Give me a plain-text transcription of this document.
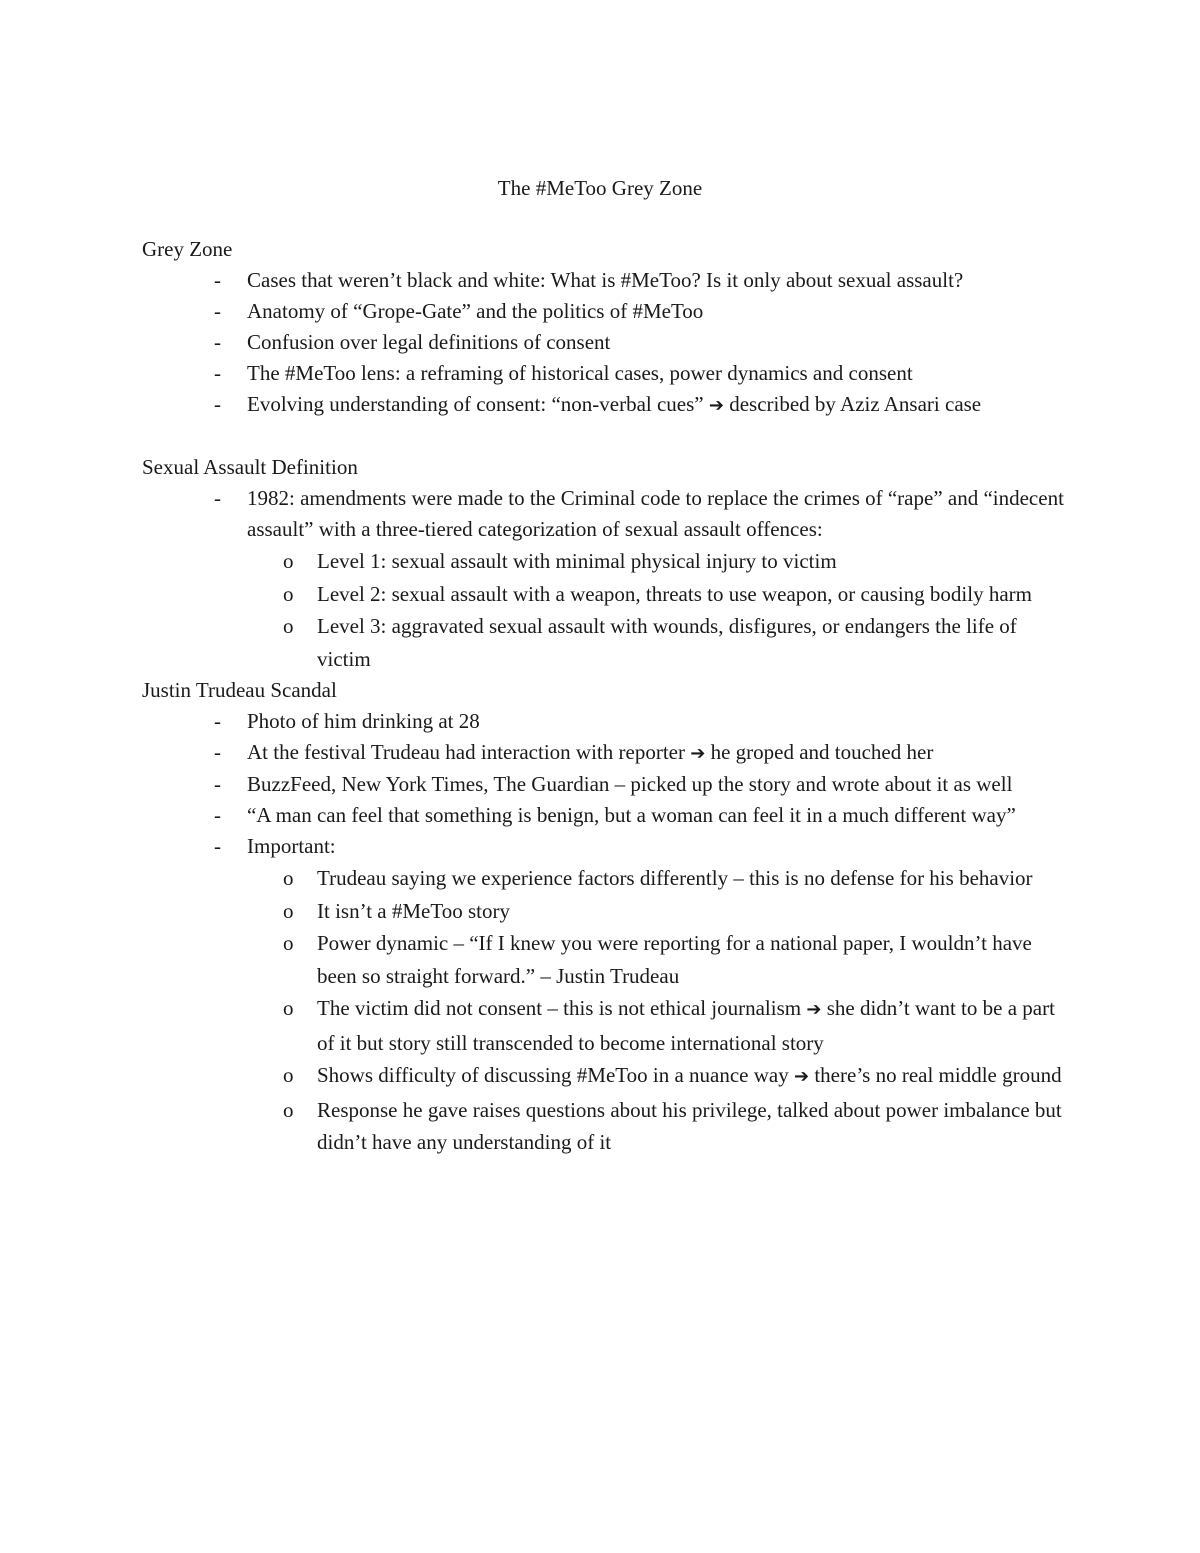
The #MeToo Grey Zone
Grey Zone
- Cases that weren’t black and white: What is #MeToo? Is it only about sexual assault?
- Anatomy of “Grope-Gate” and the politics of #MeToo
- Confusion over legal definitions of consent
- The #MeToo lens: a reframing of historical cases, power dynamics and consent
- Evolving understanding of consent: “non-verbal cues” ➔ described by Aziz Ansari case
Sexual Assault Definition
- 1982: amendments were made to the Criminal code to replace the crimes of “rape” and “indecent assault” with a three-tiered categorization of sexual assault offences:
o Level 1: sexual assault with minimal physical injury to victim
o Level 2: sexual assault with a weapon, threats to use weapon, or causing bodily harm
o Level 3: aggravated sexual assault with wounds, disfigures, or endangers the life of victim
Justin Trudeau Scandal
- Photo of him drinking at 28
- At the festival Trudeau had interaction with reporter ➔ he groped and touched her
- BuzzFeed, New York Times, The Guardian – picked up the story and wrote about it as well
- “A man can feel that something is benign, but a woman can feel it in a much different way”
- Important:
o Trudeau saying we experience factors differently – this is no defense for his behavior
o It isn’t a #MeToo story
o Power dynamic – “If I knew you were reporting for a national paper, I wouldn’t have been so straight forward.” – Justin Trudeau
o The victim did not consent – this is not ethical journalism ➔ she didn’t want to be a part of it but story still transcended to become international story
o Shows difficulty of discussing #MeToo in a nuance way ➔ there’s no real middle ground
o Response he gave raises questions about his privilege, talked about power imbalance but didn’t have any understanding of it
